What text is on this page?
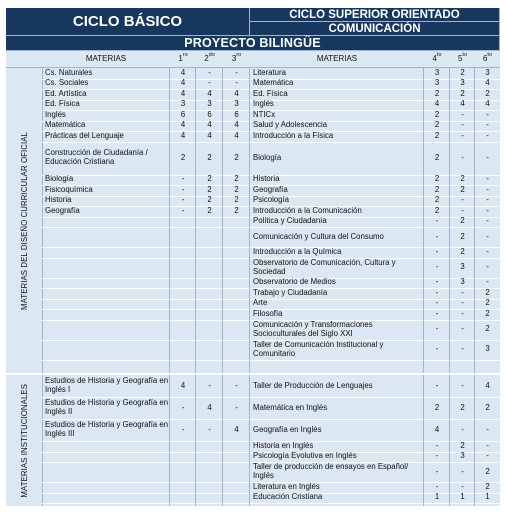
CICLO BÁSICO	CICLO SUPERIOR ORIENTADO
COMUNICACIÓN
PROYECTO BILINGÜE
MATERIAS	$1^{ro}$	$2^{do}$	$3^{ro}$	MATERIAS	$4^{to}$	$5^{to}$	$6^{to}$
MATERIAS DEL DISEÑO CURRICULAR OFICIAL
Cs. Naturales	4	-	-	Literatura	3	2	3
Cs. Sociales	4	-	-	Matemática	3	3	4
Ed. Artística	4	4	4	Ed. Física	2	2	2
Ed. Física	3	3	3	Inglés	4	4	4
Inglés	6	6	6	NTICx	2	-	-
Matemática	4	4	4	Salud y Adolescencia	2	-	-
Prácticas del Lenguaje	4	4	4	Introducción a la Física	2	-	-
Construcción de Ciudadanía / Educación Cristiana	2	2	2	Biología	2	-	-
Biología	-	2	2	Historia	2	2	-
Fisicoquímica	-	2	2	Geografía	2	2	-
Historia	-	2	2	Psicología	2	-	-
Geografía	-	2	2	Introducción a la Comunicación	2	-	-
Política y Ciudadanía	-	2	-
Comunicación y Cultura del Consumo	-	2	-
Introducción a la Química	-	2	-
Observatorio de Comunicación, Cultura y Sociedad	-	3	-
Observatorio de Medios	-	3	-
Trabajo y Ciudadanía	-	-	2
Arte	-	-	2
Filosofía	-	-	2
Comunicación y Transformaciones Socioculturales del Siglo XXI	-	-	2
Taller de Comunicación Institucional y Comunitario	-	-	3
MATERIAS INSTITUCIONALES
Estudios de Historia y Geografía en Inglés I	4	-	-	Taller de Producción de Lenguajes	-	-	4
Estudios de Historia y Geografía en Inglés II	-	4	-	Matemática en Inglés	2	2	2
Estudios de Historia y Geografía en Inglés III	-	-	4	Geografía en Inglés	4	-	-
Historia en Inglés	-	2	-
Psicología Evolutiva en Inglés	-	3	-
Taller de producción de ensayos en Español/ Inglés	-	-	2
Literatura en Inglés	-	-	2
Educación Cristiana	1	1	1
